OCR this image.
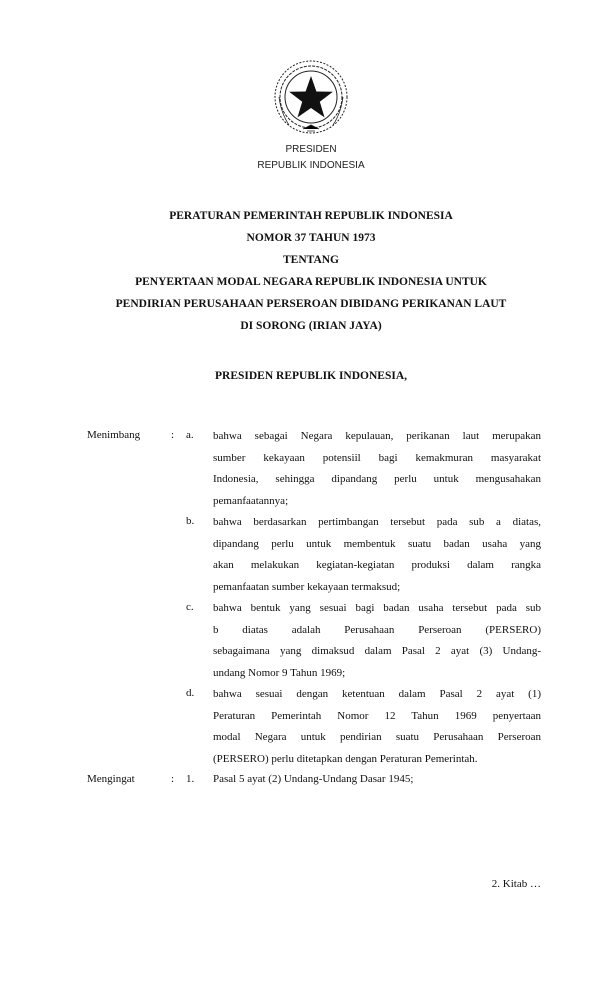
PRESIDEN
REPUBLIK INDONESIA
PERATURAN PEMERINTAH REPUBLIK INDONESIA
NOMOR 37 TAHUN 1973
TENTANG
PENYERTAAN MODAL NEGARA REPUBLIK INDONESIA UNTUK
PENDIRIAN PERUSAHAAN PERSEROAN DIBIDANG PERIKANAN LAUT
DI SORONG (IRIAN JAYA)
PRESIDEN REPUBLIK INDONESIA,
Menimbang	: a. bahwa sebagai Negara kepulauan, perikanan laut merupakan
sumber kekayaan potensiil bagi kemakmuran masyarakat
Indonesia, sehingga dipandang perlu untuk mengusahakan
pemanfaatannya;
b. bahwa berdasarkan pertimbangan tersebut pada sub a diatas,
dipandang perlu untuk membentuk suatu badan usaha yang
akan melakukan kegiatan-kegiatan produksi dalam rangka
pemanfaatan sumber kekayaan termaksud;
c. bahwa bentuk yang sesuai bagi badan usaha tersebut pada sub
b diatas adalah Perusahaan Perseroan (PERSERO)
sebagaimana yang dimaksud dalam Pasal 2 ayat (3) Undang-
undang Nomor 9 Tahun 1969;
d. bahwa sesuai dengan ketentuan dalam Pasal 2 ayat (1)
Peraturan Pemerintah Nomor 12 Tahun 1969 penyertaan
modal Negara untuk pendirian suatu Perusahaan Perseroan
(PERSERO) perlu ditetapkan dengan Peraturan Pemerintah.
Mengingat	: 1. Pasal 5 ayat (2) Undang-Undang Dasar 1945;
2. Kitab …
